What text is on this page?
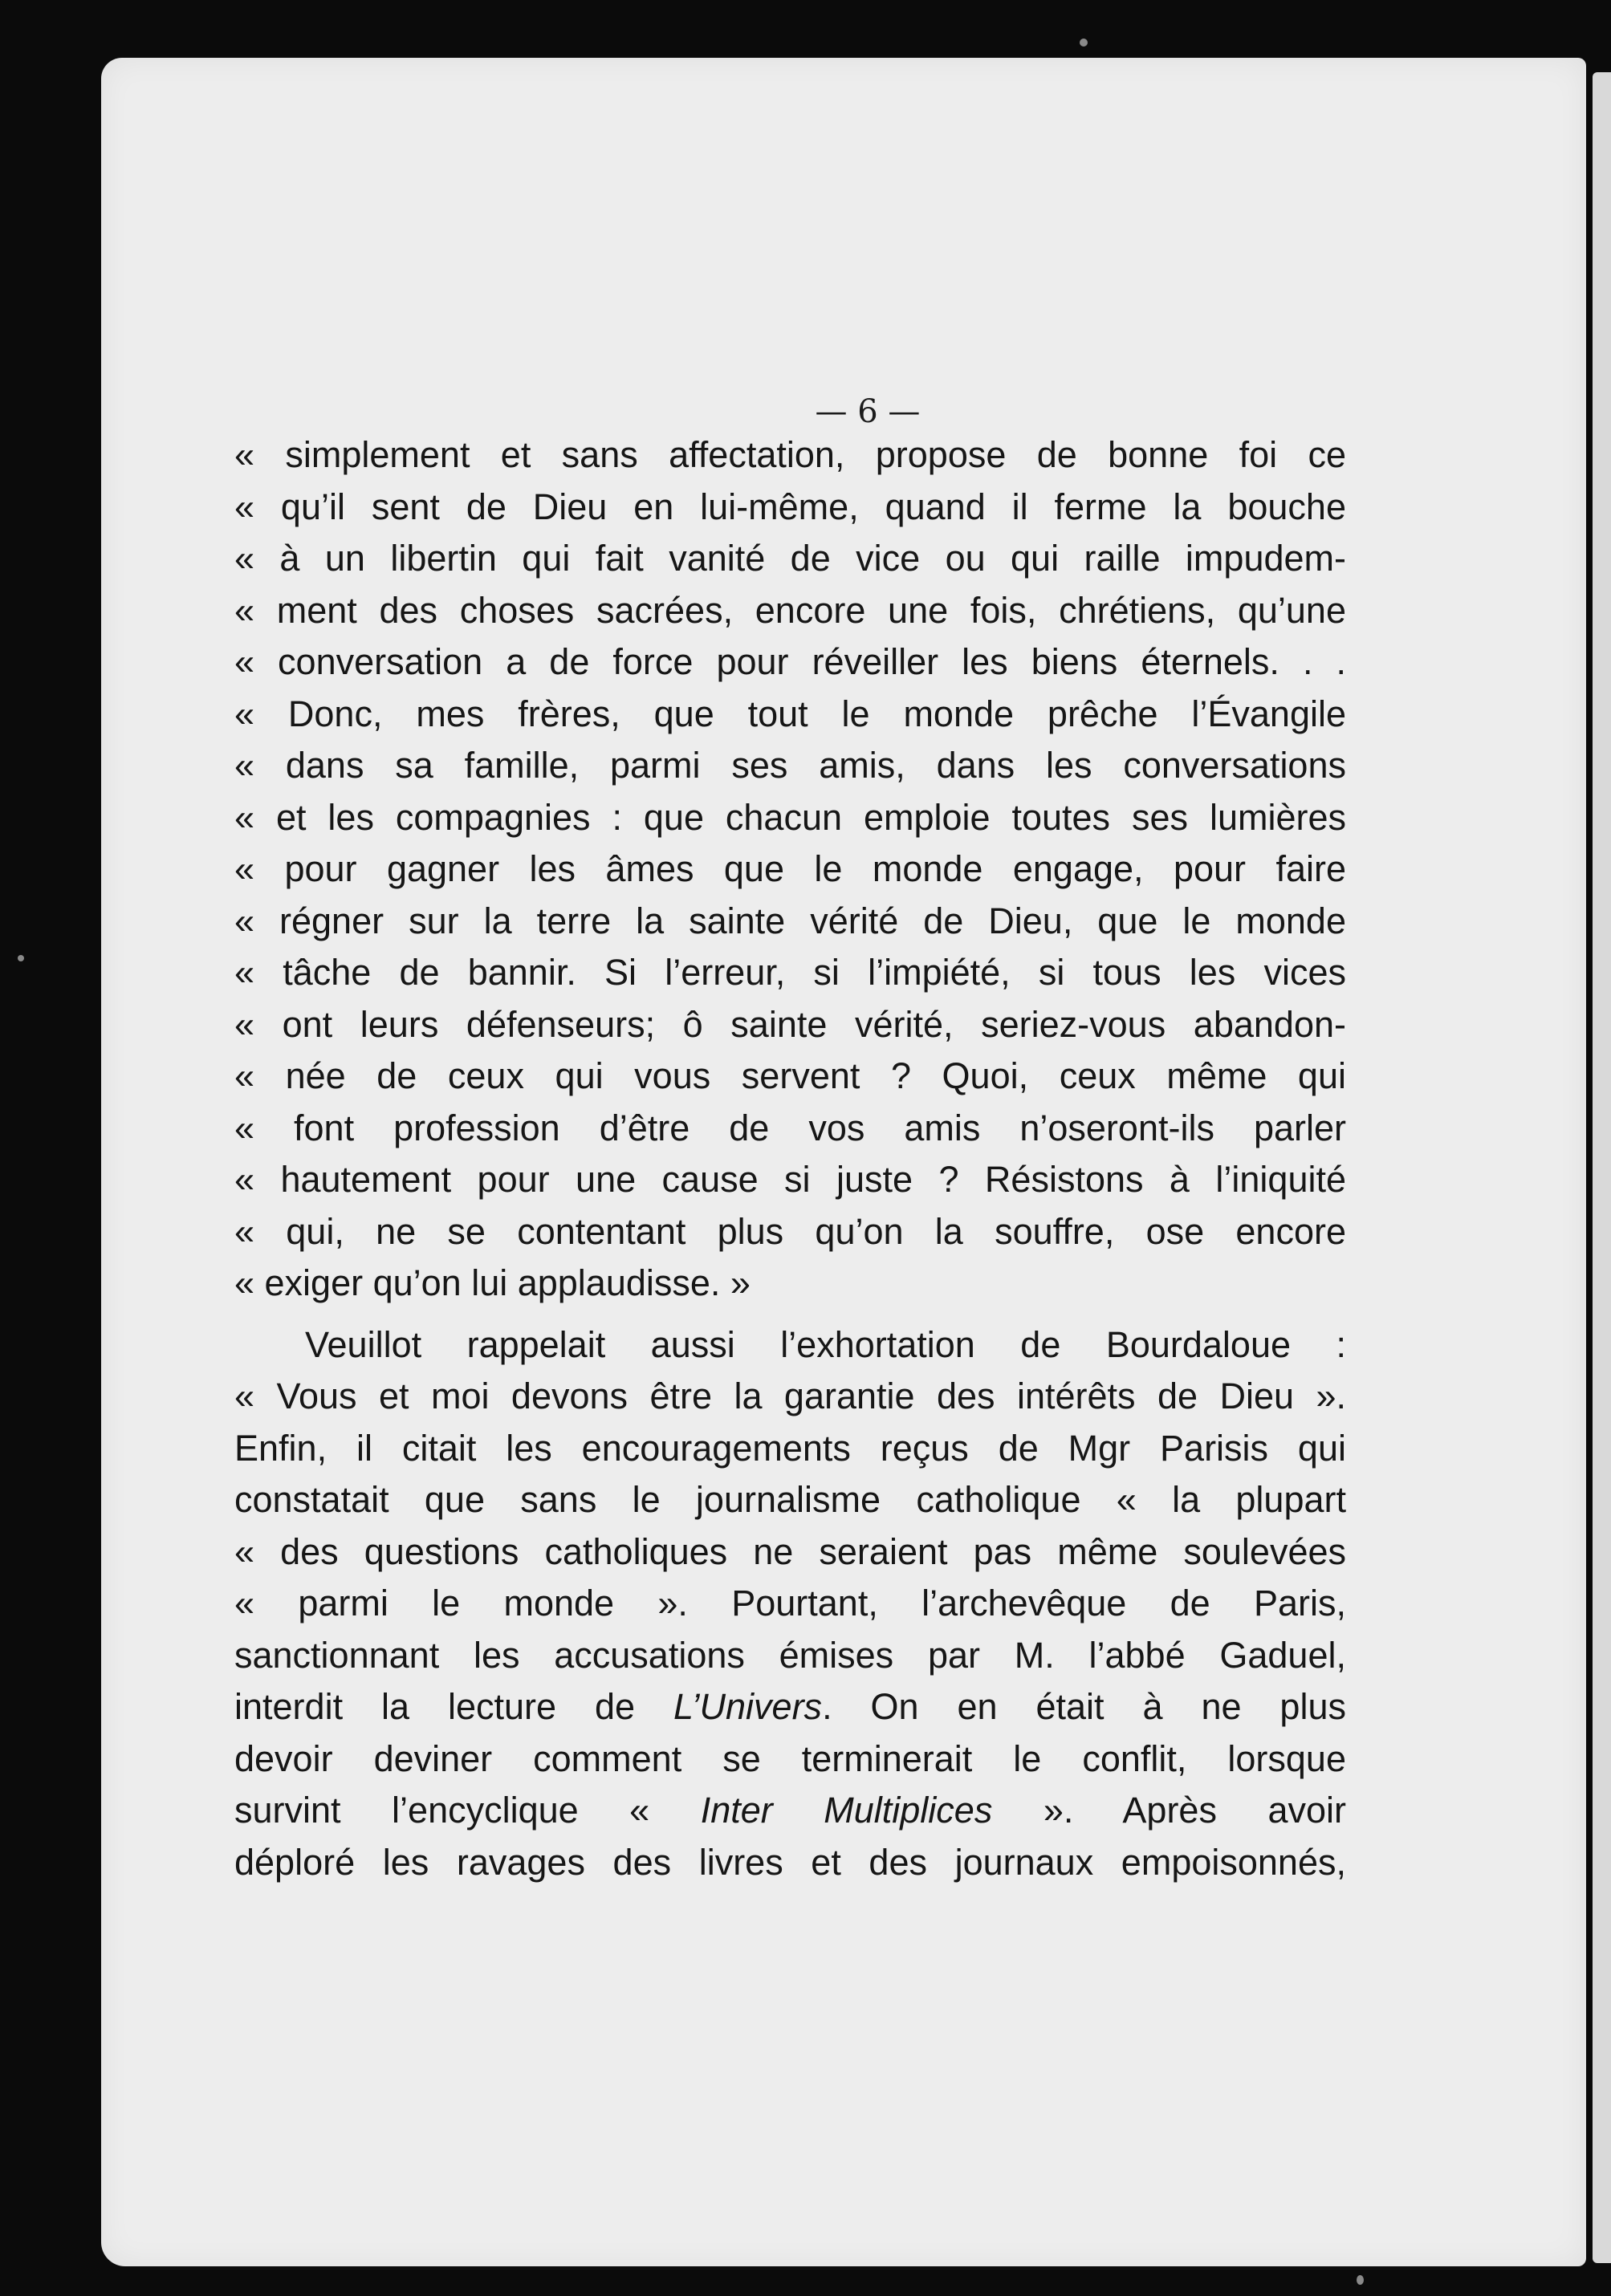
— 6 —
« simplement et sans affectation, propose de bonne foi ce
« qu’il sent de Dieu en lui-même, quand il ferme la bouche
« à un libertin qui fait vanité de vice ou qui raille impudem-
« ment des choses sacrées, encore une fois, chrétiens, qu’une
« conversation a de force pour réveiller les biens éternels. . .
« Donc, mes frères, que tout le monde prêche l’Évangile
« dans sa famille, parmi ses amis, dans les conversations
« et les compagnies : que chacun emploie toutes ses lumières
« pour gagner les âmes que le monde engage, pour faire
« régner sur la terre la sainte vérité de Dieu, que le monde
« tâche de bannir. Si l’erreur, si l’impiété, si tous les vices
« ont leurs défenseurs; ô sainte vérité, seriez-vous abandon-
« née de ceux qui vous servent ? Quoi, ceux même qui
« font profession d’être de vos amis n’oseront-ils parler
« hautement pour une cause si juste ? Résistons à l’iniquité
« qui, ne se contentant plus qu’on la souffre, ose encore
« exiger qu’on lui applaudisse. »
Veuillot rappelait aussi l’exhortation de Bourdaloue :
« Vous et moi devons être la garantie des intérêts de Dieu ».
Enfin, il citait les encouragements reçus de Mgr Parisis qui
constatait que sans le journalisme catholique « la plupart
« des questions catholiques ne seraient pas même soulevées
« parmi le monde ». Pourtant, l’archevêque de Paris,
sanctionnant les accusations émises par M. l’abbé Gaduel,
interdit la lecture de L’Univers. On en était à ne plus
devoir deviner comment se terminerait le conflit, lorsque
survint l’encyclique « Inter Multiplices ». Après avoir
déploré les ravages des livres et des journaux empoisonnés,
